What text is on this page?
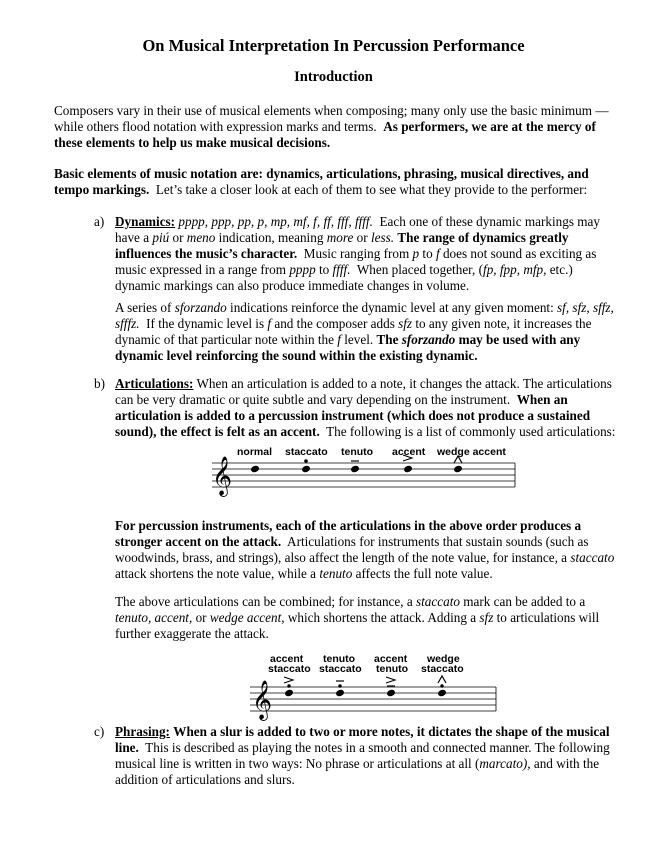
On Musical Interpretation In Percussion Performance
Introduction
Composers vary in their use of musical elements when composing; many only use the basic minimum —
while others flood notation with expression marks and terms. As performers, we are at the mercy of
these elements to help us make musical decisions.
Basic elements of music notation are: dynamics, articulations, phrasing, musical directives, and
tempo markings. Let’s take a closer look at each of them to see what they provide to the performer:
a) Dynamics: pppp, ppp, pp, p, mp, mf, f, ff, fff, ffff. Each one of these dynamic markings may
have a piú or meno indication, meaning more or less. The range of dynamics greatly
influences the music’s character. Music ranging from p to f does not sound as exciting as
music expressed in a range from pppp to ffff. When placed together, (fp, fpp, mfp, etc.)
dynamic markings can also produce immediate changes in volume.
A series of sforzando indications reinforce the dynamic level at any given moment: sf, sfz, sffz,
sfffz. If the dynamic level is f and the composer adds sfz to any given note, it increases the
dynamic of that particular note within the f level. The sforzando may be used with any
dynamic level reinforcing the sound within the existing dynamic.
b) Articulations: When an articulation is added to a note, it changes the attack. The articulations
can be very dramatic or quite subtle and vary depending on the instrument. When an
articulation is added to a percussion instrument (which does not produce a sustained
sound), the effect is felt as an accent. The following is a list of commonly used articulations:
𝄞
normal staccato tenuto accent wedge accent
For percussion instruments, each of the articulations in the above order produces a
stronger accent on the attack. Articulations for instruments that sustain sounds (such as
woodwinds, brass, and strings), also affect the length of the note value, for instance, a staccato
attack shortens the note value, while a tenuto affects the full note value.
The above articulations can be combined; for instance, a staccato mark can be added to a
tenuto, accent, or wedge accent, which shortens the attack. Adding a sfz to articulations will
further exaggerate the attack.
𝄞
accent
staccato
tenuto
staccato
accent
tenuto
wedge
staccato
c) Phrasing: When a slur is added to two or more notes, it dictates the shape of the musical
line. This is described as playing the notes in a smooth and connected manner. The following
musical line is written in two ways: No phrase or articulations at all (marcato), and with the
addition of articulations and slurs.
